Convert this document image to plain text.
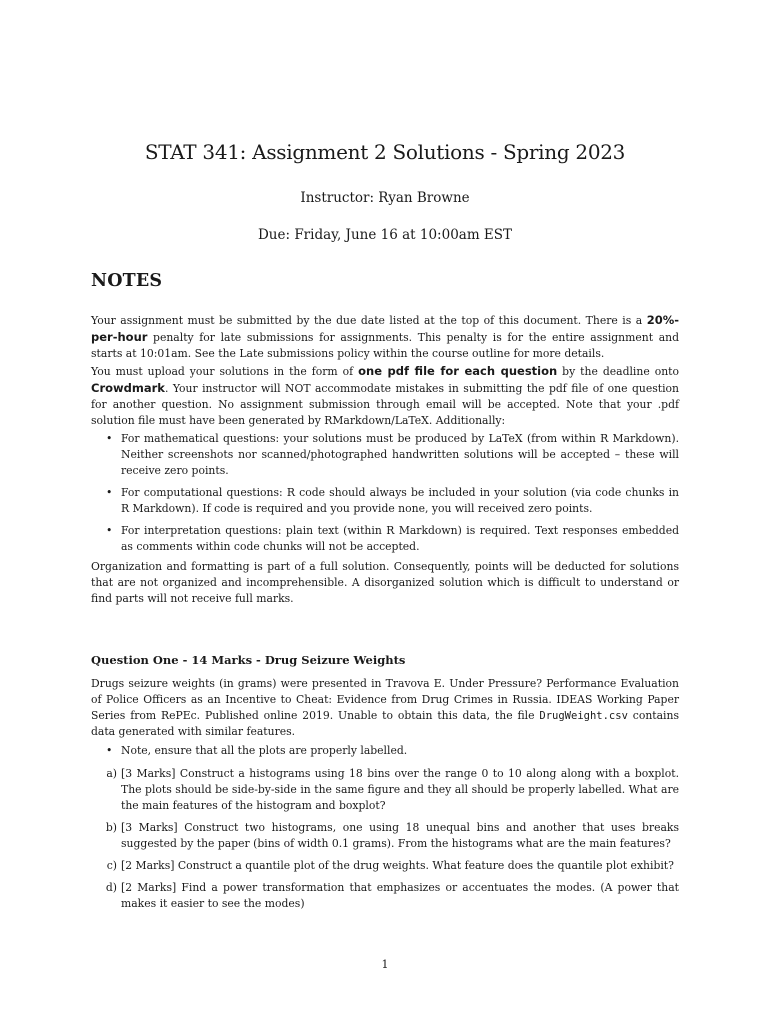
STAT 341: Assignment 2 Solutions - Spring 2023
Instructor: Ryan Browne
Due: Friday, June 16 at 10:00am EST
NOTES

Your assignment must be submitted by the due date listed at the top of this document. There is a 20%-per-hour penalty for late submissions for assignments. This penalty is for the entire assignment and starts at 10:01am. See the Late submissions policy within the course outline for more details.

You must upload your solutions in the form of one pdf file for each question by the deadline onto Crowdmark. Your instructor will NOT accommodate mistakes in submitting the pdf file of one question for another question. No assignment submission through email will be accepted. Note that your .pdf solution file must have been generated by RMarkdown/LaTeX. Additionally:

• For mathematical questions: your solutions must be produced by LaTeX (from within R Markdown). Neither screenshots nor scanned/photographed handwritten solutions will be accepted – these will receive zero points.
• For computational questions: R code should always be included in your solution (via code chunks in R Markdown). If code is required and you provide none, you will received zero points.
• For interpretation questions: plain text (within R Markdown) is required. Text responses embedded as comments within code chunks will not be accepted.

Organization and formatting is part of a full solution. Consequently, points will be deducted for solutions that are not organized and incomprehensible. A disorganized solution which is difficult to understand or find parts will not receive full marks.

Question One - 14 Marks - Drug Seizure Weights

Drugs seizure weights (in grams) were presented in Travova E. Under Pressure? Performance Evaluation of Police Officers as an Incentive to Cheat: Evidence from Drug Crimes in Russia. IDEAS Working Paper Series from RePEc. Published online 2019. Unable to obtain this data, the file DrugWeight.csv contains data generated with similar features.

• Note, ensure that all the plots are properly labelled.
a) [3 Marks] Construct a histograms using 18 bins over the range 0 to 10 along along with a boxplot. The plots should be side-by-side in the same figure and they all should be properly labelled. What are the main features of the histogram and boxplot?
b) [3 Marks] Construct two histograms, one using 18 unequal bins and another that uses breaks suggested by the paper (bins of width 0.1 grams). From the histograms what are the main features?
c) [2 Marks] Construct a quantile plot of the drug weights. What feature does the quantile plot exhibit?
d) [2 Marks] Find a power transformation that emphasizes or accentuates the modes. (A power that makes it easier to see the modes)
1
